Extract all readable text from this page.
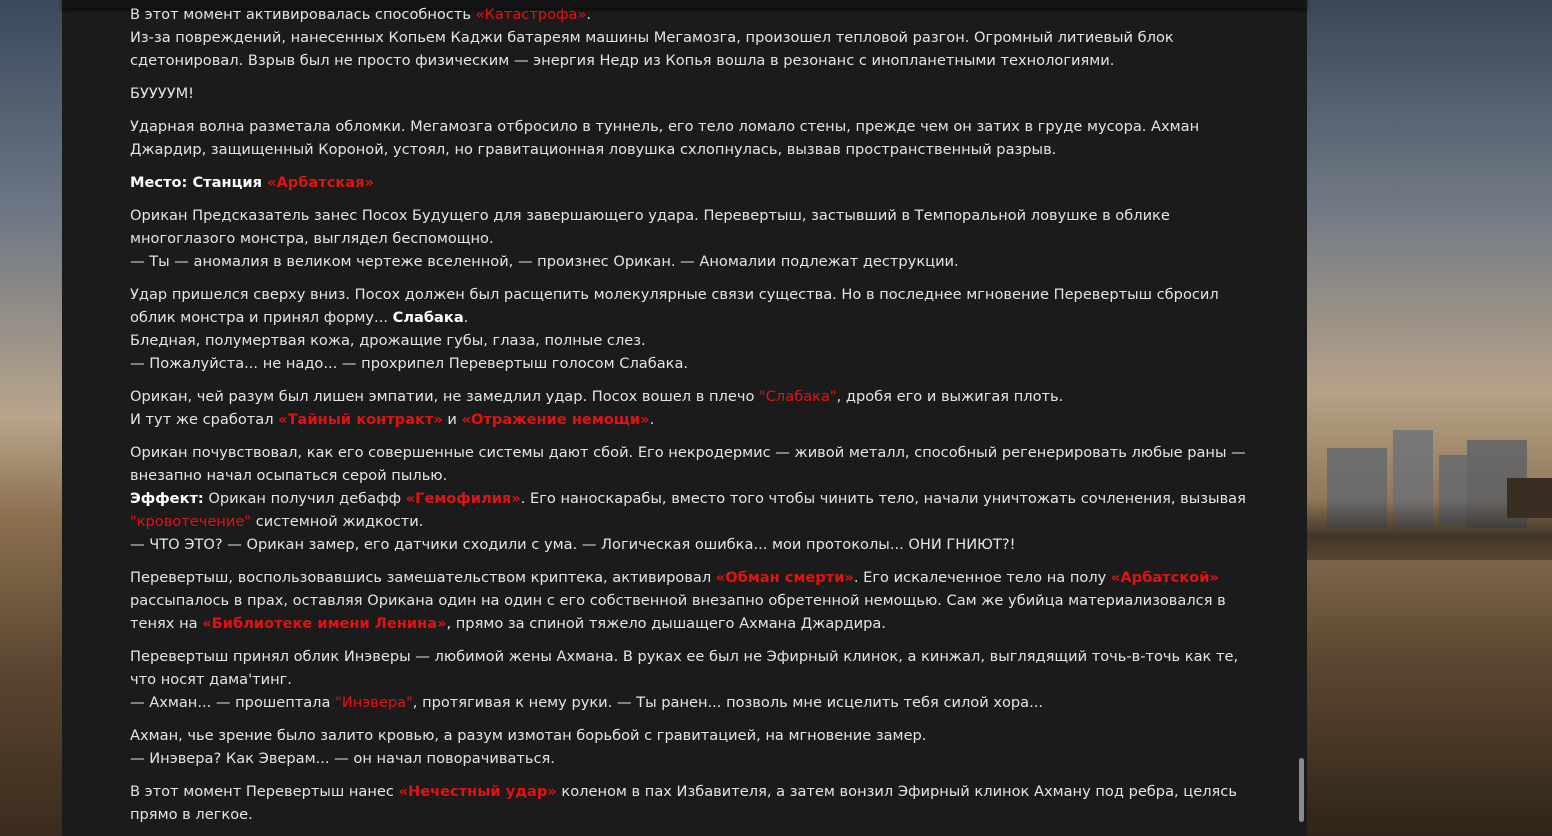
В этот момент активировалась способность «Катастрофа».
Из-за повреждений, нанесенных Копьем Каджи батареям машины Мегамозга, произошел тепловой разгон. Огромный литиевый блок сдетонировал. Взрыв был не просто физическим — энергия Недр из Копья вошла в резонанс с инопланетными технологиями.

БУУУУМ!

Ударная волна разметала обломки. Мегамозга отбросило в туннель, его тело ломало стены, прежде чем он затих в груде мусора. Ахман Джардир, защищенный Короной, устоял, но гравитационная ловушка схлопнулась, вызвав пространственный разрыв.

Место: Станция «Арбатская»

Орикан Предсказатель занес Посох Будущего для завершающего удара. Перевертыш, застывший в Темпоральной ловушке в облике многоглазого монстра, выглядел беспомощно.
— Ты — аномалия в великом чертеже вселенной, — произнес Орикан. — Аномалии подлежат деструкции.

Удар пришелся сверху вниз. Посох должен был расщепить молекулярные связи существа. Но в последнее мгновение Перевертыш сбросил облик монстра и принял форму... Слабака.
Бледная, полумертвая кожа, дрожащие губы, глаза, полные слез.
— Пожалуйста... не надо... — прохрипел Перевертыш голосом Слабака.

Орикан, чей разум был лишен эмпатии, не замедлил удар. Посох вошел в плечо "Слабака", дробя его и выжигая плоть.
И тут же сработал «Тайный контракт» и «Отражение немощи».

Орикан почувствовал, как его совершенные системы дают сбой. Его некродермис — живой металл, способный регенерировать любые раны — внезапно начал осыпаться серой пылью.
Эффект: Орикан получил дебафф «Гемофилия». Его наноскарабы, вместо того чтобы чинить тело, начали уничтожать сочленения, вызывая "кровотечение" системной жидкости.
— ЧТО ЭТО? — Орикан замер, его датчики сходили с ума. — Логическая ошибка... мои протоколы... ОНИ ГНИЮТ?!

Перевертыш, воспользовавшись замешательством криптека, активировал «Обман смерти». Его искалеченное тело на полу «Арбатской» рассыпалось в прах, оставляя Орикана один на один с его собственной внезапно обретенной немощью. Сам же убийца материализовался в тенях на «Библиотеке имени Ленина», прямо за спиной тяжело дышащего Ахмана Джардира.

Перевертыш принял облик Инэверы — любимой жены Ахмана. В руках ее был не Эфирный клинок, а кинжал, выглядящий точь-в-точь как те, что носят дама'тинг.
— Ахман... — прошептала "Инэвера", протягивая к нему руки. — Ты ранен... позволь мне исцелить тебя силой хора...

Ахман, чье зрение было залито кровью, а разум измотан борьбой с гравитацией, на мгновение замер.
— Инэвера? Как Эверам... — он начал поворачиваться.

В этот момент Перевертыш нанес «Нечестный удар» коленом в пах Избавителя, а затем вонзил Эфирный клинок Ахману под ребра, целясь прямо в легкое.
